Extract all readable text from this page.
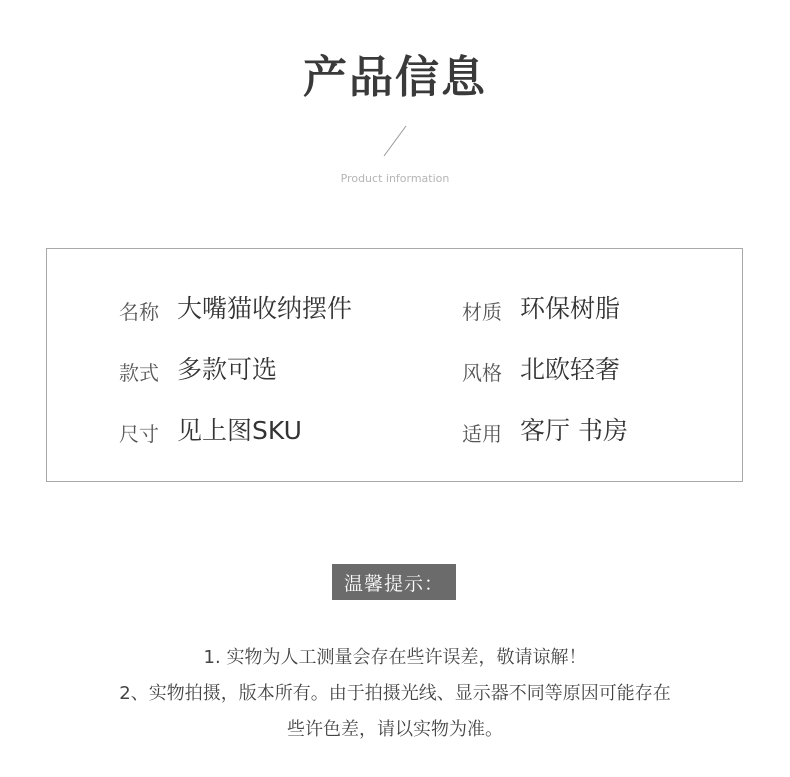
产品信息
Product information
名称 大嘴猫收纳摆件	材质 环保树脂
款式 多款可选	风格 北欧轻奢
尺寸 见上图SKU	适用 客厅 书房
温馨提示：
1. 实物为人工测量会存在些许误差，敬请谅解！
2、实物拍摄，版本所有。由于拍摄光线、显示器不同等原因可能存在
些许色差，请以实物为准。
